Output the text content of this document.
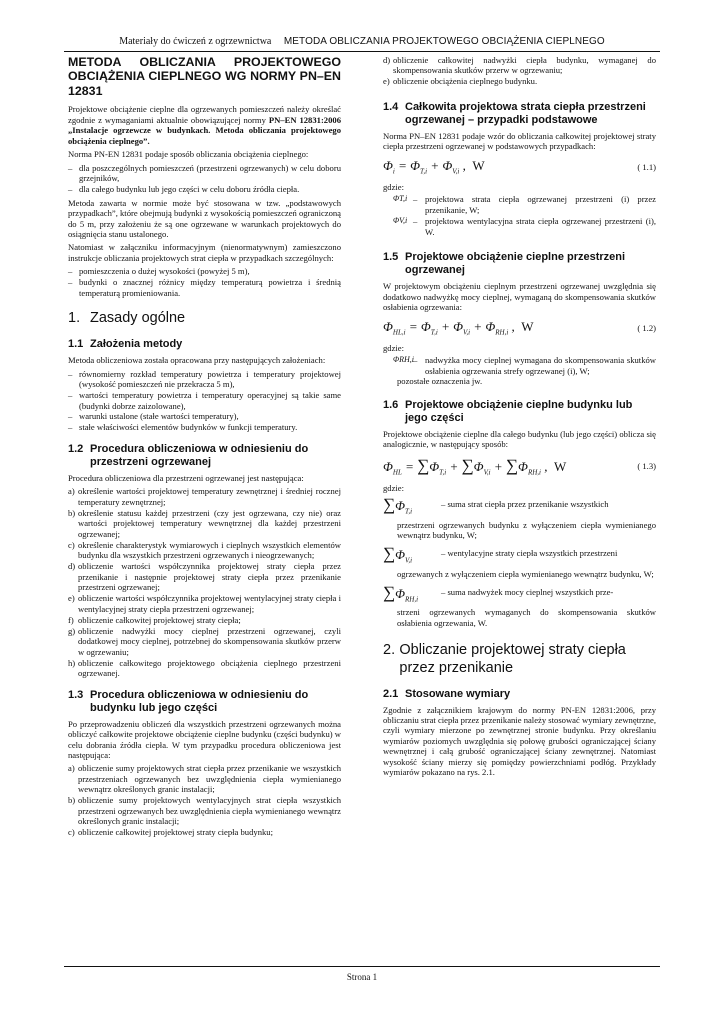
Materiały do ćwiczeń z ogrzewnictwa METODA OBLICZANIA PROJEKTOWEGO OBCIĄŻENIA CIEPLNEGO
METODA OBLICZANIA PROJEKTOWEGO OBCIĄŻENIA CIEPLNEGO WG NORMY PN–EN 12831

Projektowe obciążenie cieplne dla ogrzewanych pomieszczeń należy określać zgodnie z wymaganiami aktualnie obowiązującej normy PN–EN 12831:2006 „Instalacje ogrzewcze w budynkach. Metoda obliczania projektowego obciążenia cieplnego”.

Norma PN-EN 12831 podaje sposób obliczania obciążenia cieplnego:

– dla poszczególnych pomieszczeń (przestrzeni ogrzewanych) w celu doboru grzejników,
– dla całego budynku lub jego części w celu doboru źródła ciepła.

Metoda zawarta w normie może być stosowana w tzw. „podstawowych przypadkach”, które obejmują budynki z wysokością pomieszczeń ograniczoną do 5 m, przy założeniu że są one ogrzewane w warunkach projektowych do osiągnięcia stanu ustalonego.

Natomiast w załączniku informacyjnym (nienormatywnym) zamieszczono instrukcje obliczania projektowych strat ciepła w przypadkach szczególnych:

– pomieszczenia o dużej wysokości (powyżej 5 m),
– budynki o znacznej różnicy między temperaturą powietrza i średnią temperaturą promieniowania.
1. Zasady ogólne
1.1 Założenia metody

Metoda obliczeniowa została opracowana przy następujących założeniach:

– równomierny rozkład temperatury powietrza i temperatury projektowej (wysokość pomieszczeń nie przekracza 5 m),
– wartości temperatury powietrza i temperatury operacyjnej są takie same (budynki dobrze zaizolowane),
– warunki ustalone (stałe wartości temperatury),
– stałe właściwości elementów budynków w funkcji temperatury.
1.2 Procedura obliczeniowa w odniesieniu do przestrzeni ogrzewanej

Procedura obliczeniowa dla przestrzeni ogrzewanej jest następująca:

a) określenie wartości projektowej temperatury zewnętrznej i średniej rocznej temperatury zewnętrznej;
b) określenie statusu każdej przestrzeni (czy jest ogrzewana, czy nie) oraz wartości projektowej temperatury wewnętrznej dla każdej przestrzeni ogrzewanej;
c) określenie charakterystyk wymiarowych i cieplnych wszystkich elementów budynku dla wszystkich przestrzeni ogrzewanych i nieogrzewanych;
d) obliczenie wartości współczynnika projektowej straty ciepła przez przenikanie i następnie projektowej straty ciepła przez przenikanie przestrzeni ogrzewanej;
e) obliczenie wartości współczynnika projektowej wentylacyjnej straty ciepła i wentylacyjnej straty ciepła przestrzeni ogrzewanej;
f) obliczenie całkowitej projektowej straty ciepła;
g) obliczenie nadwyżki mocy cieplnej przestrzeni ogrzewanej, czyli dodatkowej mocy cieplnej, potrzebnej do skompensowania skutków przerw w ogrzewaniu;
h) obliczenie całkowitego projektowego obciążenia cieplnego przestrzeni ogrzewanej.
1.3 Procedura obliczeniowa w odniesieniu do budynku lub jego części

Po przeprowadzeniu obliczeń dla wszystkich przestrzeni ogrzewanych można obliczyć całkowite projektowe obciążenie cieplne budynku (części budynku) w celu dobrania źródła ciepła. W tym przypadku procedura obliczeniowa jest następująca:

a) obliczenie sumy projektowych strat ciepła przez przenikanie we wszystkich przestrzeniach ogrzewanych bez uwzględnienia ciepła wymienianego wewnątrz określonych granic instalacji;
b) obliczenie sumy projektowych wentylacyjnych strat ciepła wszystkich przestrzeni ogrzewanych bez uwzględnienia ciepła wymienianego wewnątrz określonych granic instalacji;
c) obliczenie całkowitej projektowej straty ciepła budynku;
d) obliczenie całkowitej nadwyżki ciepła budynku, wymaganej do skompensowania skutków przerw w ogrzewaniu;
e) obliczenie obciążenia cieplnego budynku.
1.4 Całkowita projektowa strata ciepła przestrzeni ogrzewanej – przypadki podstawowe

Norma PN–EN 12831 podaje wzór do obliczania całkowitej projektowej straty ciepła przestrzeni ogrzewanej w podstawowych przypadkach:

$\Phi_i = \Phi_{T,i} + \Phi_{V,i}$ ,  W	( 1.1)
gdzie:
ΦT,i – projektowa strata ciepła ogrzewanej przestrzeni (i) przez przenikanie, W;
ΦV,i – projektowa wentylacyjna strata ciepła ogrzewanej przestrzeni (i), W.
1.5 Projektowe obciążenie cieplne przestrzeni ogrzewanej

W projektowym obciążeniu cieplnym przestrzeni ogrzewanej uwzględnia się dodatkowo nadwyżkę mocy cieplnej, wymaganą do skompensowania skutków osłabienia ogrzewania:

$\Phi_{HL,i} = \Phi_{T,i} + \Phi_{V,i} + \Phi_{RH,i}$ ,  W	( 1.2)
gdzie:
ΦRH,i – nadwyżka mocy cieplnej wymagana do skompensowania skutków osłabienia ogrzewania strefy ogrzewanej (i), W;
pozostałe oznaczenia jw.
1.6 Projektowe obciążenie cieplne budynku lub jego części

Projektowe obciążenie cieplne dla całego budynku (lub jego części) oblicza się analogicznie, w następujący sposób:

$\Phi_{HL} = \sum\Phi_{T,i} + \sum\Phi_{V,i} + \sum\Phi_{RH,i}$ ,  W	( 1.3)
gdzie:
$\sum\Phi_{T,i}$
– suma strat ciepła przez przenikanie wszystkich
przestrzeni ogrzewanych budynku z wyłączeniem ciepła wymienianego wewnątrz budynku, W;
$\sum\Phi_{V,i}$
– wentylacyjne straty ciepła wszystkich przestrzeni
ogrzewanych z wyłączeniem ciepła wymienianego wewnątrz budynku, W;
$\sum\Phi_{RH,i}$
– suma nadwyżek mocy cieplnej wszystkich prze-
strzeni ogrzewanych wymaganych do skompensowania skutków osłabienia ogrzewania, W.
2. Obliczanie projektowej straty ciepła przez przenikanie
2.1 Stosowane wymiary

Zgodnie z załącznikiem krajowym do normy PN-EN 12831:2006, przy obliczaniu strat ciepła przez przenikanie należy stosować wymiary zewnętrzne, czyli wymiary mierzone po zewnętrznej stronie budynku. Przy określaniu wymiarów poziomych uwzględnia się połowę grubości ograniczającej ściany wewnętrznej i całą grubość ograniczającej ściany zewnętrznej. Natomiast wysokość ściany mierzy się pomiędzy powierzchniami podłóg. Przykłady wymiarów pokazano na rys. 2.1.

Strona 1
